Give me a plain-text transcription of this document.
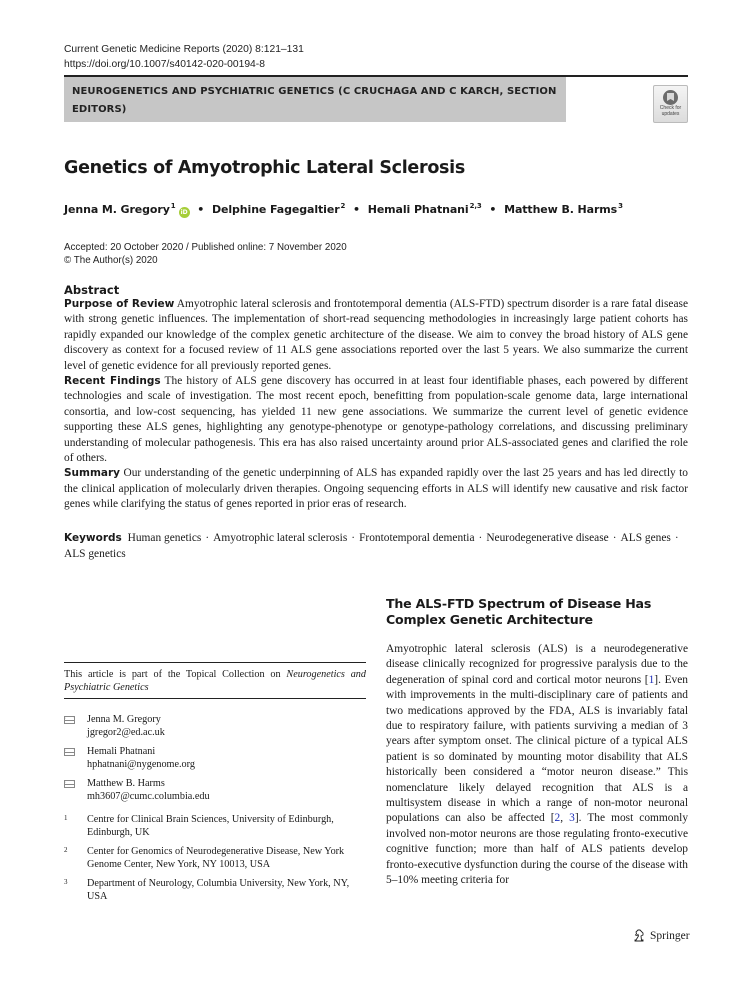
Current Genetic Medicine Reports (2020) 8:121–131
https://doi.org/10.1007/s40142-020-00194-8
NEUROGENETICS AND PSYCHIATRIC GENETICS (C CRUCHAGA AND C KARCH, SECTION EDITORS)	Check for
updates
Genetics of Amyotrophic Lateral Sclerosis
Jenna M. Gregory$^1$iD • Delphine Fagegaltier$^2$ • Hemali Phatnani$^{2,3}$ • Matthew B. Harms$^3$
Accepted: 20 October 2020 / Published online: 7 November 2020
© The Author(s) 2020
Abstract

Purpose of Review Amyotrophic lateral sclerosis and frontotemporal dementia (ALS-FTD) spectrum disorder is a rare fatal disease with strong genetic influences. The implementation of short-read sequencing methodologies in increasingly large patient cohorts has rapidly expanded our knowledge of the complex genetic architecture of the disease. We aim to convey the broad history of ALS gene discovery as context for a focused review of 11 ALS gene associations reported over the last 5 years. We also summarize the current level of genetic evidence for all previously reported genes.

Recent Findings The history of ALS gene discovery has occurred in at least four identifiable phases, each powered by different technologies and scale of investigation. The most recent epoch, benefitting from population-scale genome data, large international consortia, and low-cost sequencing, has yielded 11 new gene associations. We summarize the current level of genetic evidence supporting these ALS genes, highlighting any genotype-phenotype or genotype-pathology correlations, and discussing preliminary understanding of molecular pathogenesis. This era has also raised uncertainty around prior ALS-associated genes and clarified the role of others.

Summary Our understanding of the genetic underpinning of ALS has expanded rapidly over the last 25 years and has led directly to the clinical application of molecularly driven therapies. Ongoing sequencing efforts in ALS will identify new causative and risk factor genes while clarifying the status of genes reported in prior eras of research.

Keywords Human genetics · Amyotrophic lateral sclerosis · Frontotemporal dementia · Neurodegenerative disease · ALS genes · ALS genetics
This article is part of the Topical Collection on Neurogenetics and Psychiatric Genetics
Jenna M. Gregory
jgregor2@ed.ac.uk
Hemali Phatnani
hphatnani@nygenome.org
Matthew B. Harms
mh3607@cumc.columbia.edu
1	Centre for Clinical Brain Sciences, University of Edinburgh, Edinburgh, UK
2	Center for Genomics of Neurodegenerative Disease, New York Genome Center, New York, NY 10013, USA
3	Department of Neurology, Columbia University, New York, NY, USA
The ALS-FTD Spectrum of Disease Has Complex Genetic Architecture

Amyotrophic lateral sclerosis (ALS) is a neurodegenerative disease clinically recognized for progressive paralysis due to the degeneration of spinal cord and cortical motor neurons [1]. Even with improvements in the multi-disciplinary care of patients and two medications approved by the FDA, ALS is invariably fatal due to respiratory failure, with patients surviving a median of 3 years after symptom onset. The clinical picture of a typical ALS patient is so dominated by mounting motor disability that ALS historically been considered a “motor neuron disease.” This nomenclature likely delayed recognition that ALS is a multisystem disease in which a range of non-motor neuronal populations can also be affected [2, 3]. The most commonly involved non-motor neurons are those regulating fronto-executive cognitive function; more than half of ALS patients develop fronto-executive dysfunction during the course of the disease with 5–10% meeting criteria for

Springer
